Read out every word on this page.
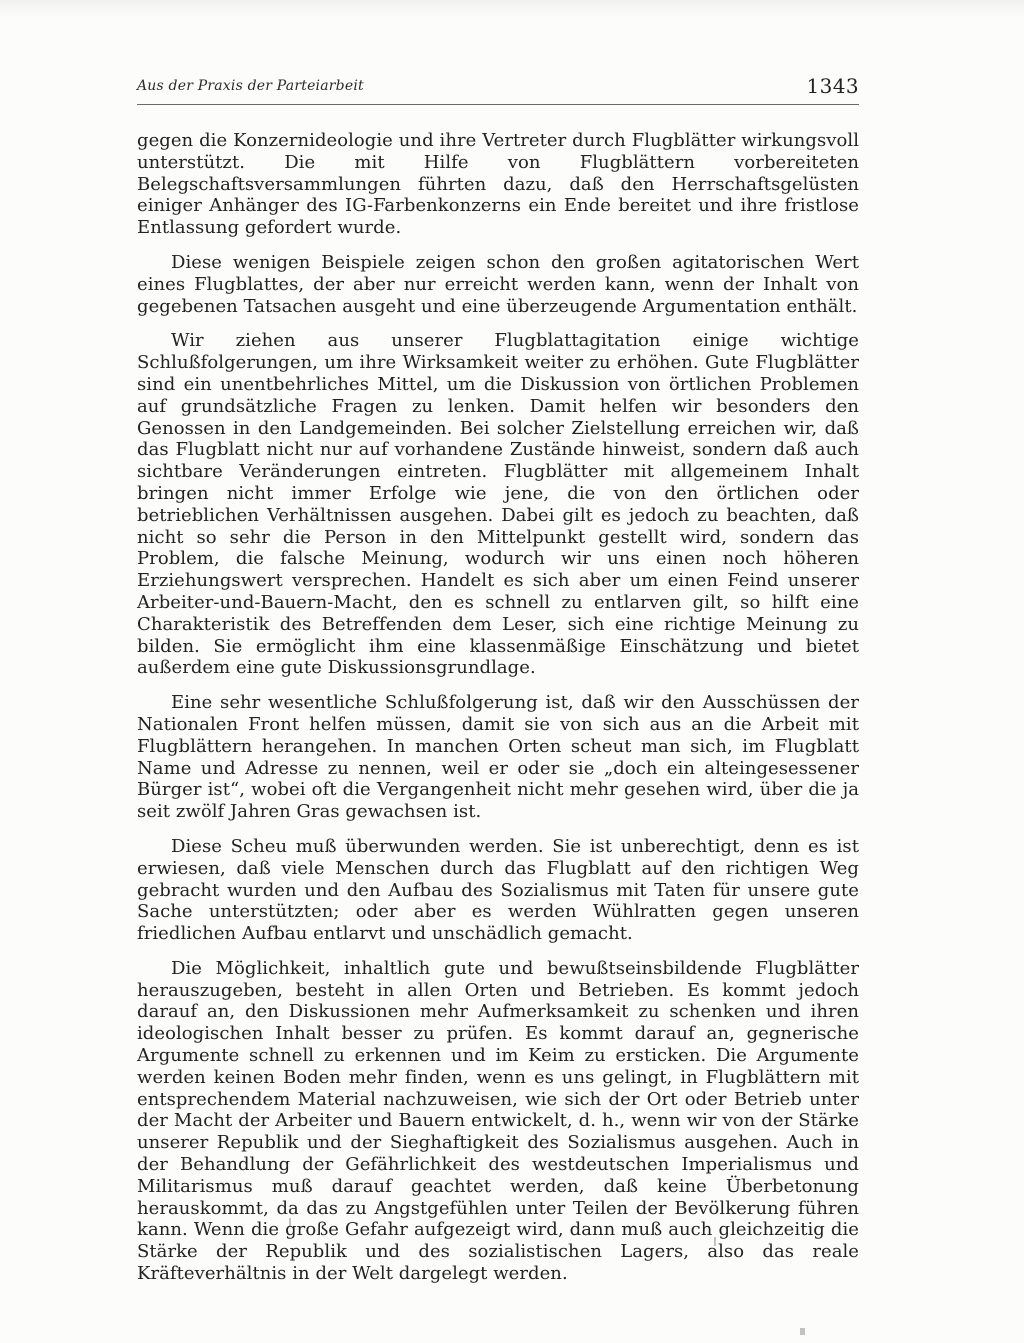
Aus der Praxis der Parteiarbeit	1343

gegen die Konzernideologie und ihre Vertreter durch Flugblätter wirkungsvoll unterstützt. Die mit Hilfe von Flugblättern vorbereiteten Belegschaftsversammlungen führten dazu, daß den Herrschaftsgelüsten einiger Anhänger des IG-Farbenkonzerns ein Ende bereitet und ihre fristlose Entlassung gefordert wurde.

Diese wenigen Beispiele zeigen schon den großen agitatorischen Wert eines Flugblattes, der aber nur erreicht werden kann, wenn der Inhalt von gegebenen Tatsachen ausgeht und eine überzeugende Argumentation enthält.

Wir ziehen aus unserer Flugblattagitation einige wichtige Schlußfolgerungen, um ihre Wirksamkeit weiter zu erhöhen. Gute Flugblätter sind ein unentbehrliches Mittel, um die Diskussion von örtlichen Problemen auf grundsätzliche Fragen zu lenken. Damit helfen wir besonders den Genossen in den Landgemeinden. Bei solcher Zielstellung erreichen wir, daß das Flugblatt nicht nur auf vorhandene Zustände hinweist, sondern daß auch sichtbare Veränderungen eintreten. Flugblätter mit allgemeinem Inhalt bringen nicht immer Erfolge wie jene, die von den örtlichen oder betrieblichen Verhältnissen ausgehen. Dabei gilt es jedoch zu beachten, daß nicht so sehr die Person in den Mittelpunkt gestellt wird, sondern das Problem, die falsche Meinung, wodurch wir uns einen noch höheren Erziehungswert versprechen. Handelt es sich aber um einen Feind unserer Arbeiter-und-Bauern-Macht, den es schnell zu entlarven gilt, so hilft eine Charakteristik des Betreffenden dem Leser, sich eine richtige Meinung zu bilden. Sie ermöglicht ihm eine klassenmäßige Einschätzung und bietet außerdem eine gute Diskussionsgrundlage.

Eine sehr wesentliche Schlußfolgerung ist, daß wir den Ausschüssen der Nationalen Front helfen müssen, damit sie von sich aus an die Arbeit mit Flugblättern herangehen. In manchen Orten scheut man sich, im Flugblatt Name und Adresse zu nennen, weil er oder sie „doch ein alteingesessener Bürger ist“, wobei oft die Vergangenheit nicht mehr gesehen wird, über die ja seit zwölf Jahren Gras gewachsen ist.

Diese Scheu muß überwunden werden. Sie ist unberechtigt, denn es ist erwiesen, daß viele Menschen durch das Flugblatt auf den richtigen Weg gebracht wurden und den Aufbau des Sozialismus mit Taten für unsere gute Sache unterstützten; oder aber es werden Wühlratten gegen unseren friedlichen Aufbau entlarvt und unschädlich gemacht.

Die Möglichkeit, inhaltlich gute und bewußtseinsbildende Flugblätter herauszugeben, besteht in allen Orten und Betrieben. Es kommt jedoch darauf an, den Diskussionen mehr Aufmerksamkeit zu schenken und ihren ideologischen Inhalt besser zu prüfen. Es kommt darauf an, gegnerische Argumente schnell zu erkennen und im Keim zu ersticken. Die Argumente werden keinen Boden mehr finden, wenn es uns gelingt, in Flugblättern mit entsprechendem Material nachzuweisen, wie sich der Ort oder Betrieb unter der Macht der Arbeiter und Bauern entwickelt, d. h., wenn wir von der Stärke unserer Republik und der Sieghaftigkeit des Sozialismus ausgehen. Auch in der Behandlung der Gefährlichkeit des westdeutschen Imperialismus und Militarismus muß darauf geachtet werden, daß keine Überbetonung herauskommt, da das zu Angstgefühlen unter Teilen der Bevölkerung führen kann. Wenn die große Gefahr aufgezeigt wird, dann muß auch gleichzeitig die Stärke der Republik und des sozialistischen Lagers, also das reale Kräfteverhältnis in der Welt dargelegt werden.
